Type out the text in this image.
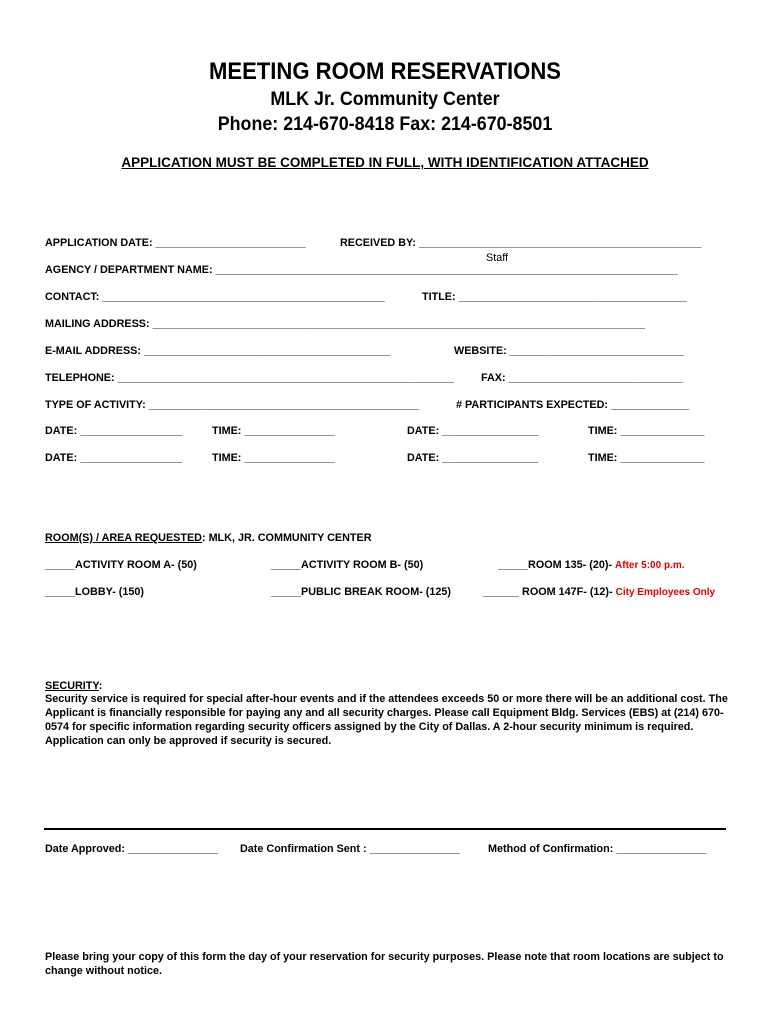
MEETING ROOM RESERVATIONS
MLK Jr. Community Center
Phone: 214-670-8418 Fax: 214-670-8501
APPLICATION MUST BE COMPLETED IN FULL, WITH IDENTIFICATION ATTACHED
APPLICATION DATE: _________________________	RECEIVED BY: _______________________________________________
Staff
AGENCY / DEPARTMENT NAME: _____________________________________________________________________________
CONTACT: _______________________________________________	TITLE: ______________________________________
MAILING ADDRESS: __________________________________________________________________________________
E-MAIL ADDRESS: _________________________________________	WEBSITE: _____________________________
TELEPHONE: ________________________________________________________	FAX: _____________________________
TYPE OF ACTIVITY: _____________________________________________	# PARTICIPANTS EXPECTED: _____________
DATE: _________________	TIME: _______________	DATE: ________________	TIME: ______________
DATE: _________________	TIME: _______________	DATE: ________________	TIME: ______________
ROOM(S) / AREA REQUESTED: MLK, JR. COMMUNITY CENTER
_____ACTIVITY ROOM A- (50)	_____ACTIVITY ROOM B- (50)	_____ROOM 135- (20)- After 5:00 p.m.
_____LOBBY- (150)	_____PUBLIC BREAK ROOM- (125)	______ ROOM 147F- (12)- City Employees Only
SECURITY:
Security service is required for special after-hour events and if the attendees exceeds 50 or more there will be an additional cost. The Applicant is financially responsible for paying any and all security charges. Please call Equipment Bldg. Services (EBS) at (214) 670-0574 for specific information regarding security officers assigned by the City of Dallas. A 2-hour security minimum is required. Application can only be approved if security is secured.
Date Approved: _______________ Date Confirmation Sent : _______________	Method of Confirmation: _______________
Please bring your copy of this form the day of your reservation for security purposes. Please note that room locations are subject to change without notice.
